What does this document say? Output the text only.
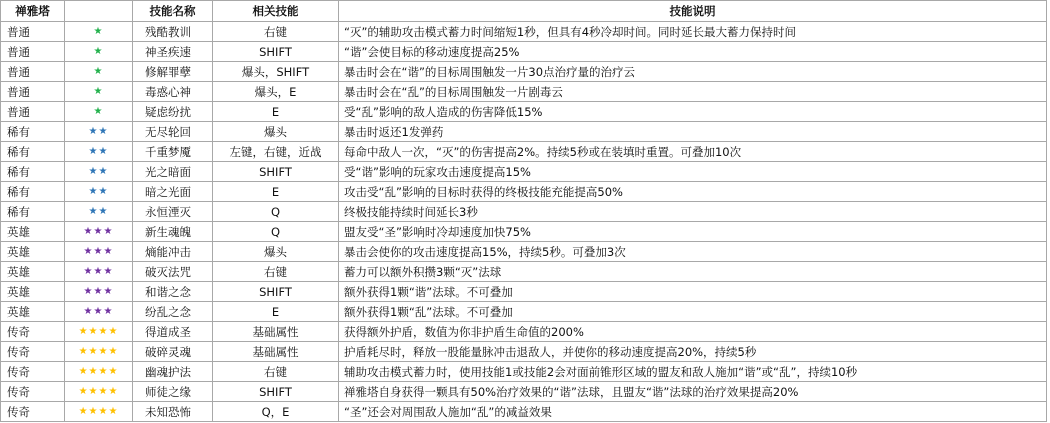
禅雅塔		技能名称	相关技能	技能说明
普通	★	残酷教训	右键	“灭”的辅助攻击模式蓄力时间缩短1秒，但具有4秒冷却时间。同时延长最大蓄力保持时间
普通	★	神圣疾速	SHIFT	“谐”会使目标的移动速度提高25%
普通	★	修解罪孽	爆头，SHIFT	暴击时会在“谐”的目标周围触发一片30点治疗量的治疗云
普通	★	毒惑心神	爆头，E	暴击时会在“乱”的目标周围触发一片剧毒云
普通	★	疑虑纷扰	E	受“乱”影响的敌人造成的伤害降低15%
稀有	★★	无尽轮回	爆头	暴击时返还1发弹药
稀有	★★	千重梦魇	左键，右键，近战	每命中敌人一次，“灭”的伤害提高2%。持续5秒或在装填时重置。可叠加10次
稀有	★★	光之暗面	SHIFT	受“谐”影响的玩家攻击速度提高15%
稀有	★★	暗之光面	E	攻击受“乱”影响的目标时获得的终极技能充能提高50%
稀有	★★	永恒湮灭	Q	终极技能持续时间延长3秒
英雄	★★★	新生魂魄	Q	盟友受“圣”影响时冷却速度加快75%
英雄	★★★	熵能冲击	爆头	暴击会使你的攻击速度提高15%，持续5秒。可叠加3次
英雄	★★★	破灭法咒	右键	蓄力可以额外积攒3颗“灭”法球
英雄	★★★	和谐之念	SHIFT	额外获得1颗“谐”法球。不可叠加
英雄	★★★	纷乱之念	E	额外获得1颗“乱”法球。不可叠加
传奇	★★★★	得道成圣	基础属性	获得额外护盾，数值为你非护盾生命值的200%
传奇	★★★★	破碎灵魂	基础属性	护盾耗尽时，释放一股能量脉冲击退敌人，并使你的移动速度提高20%，持续5秒
传奇	★★★★	幽魂护法	右键	辅助攻击模式蓄力时，使用技能1或技能2会对面前锥形区域的盟友和敌人施加“谐”或“乱”，持续10秒
传奇	★★★★	师徒之缘	SHIFT	禅雅塔自身获得一颗具有50%治疗效果的“谐”法球，且盟友“谐”法球的治疗效果提高20%
传奇	★★★★	未知恐怖	Q，E	“圣”还会对周围敌人施加“乱”的减益效果
